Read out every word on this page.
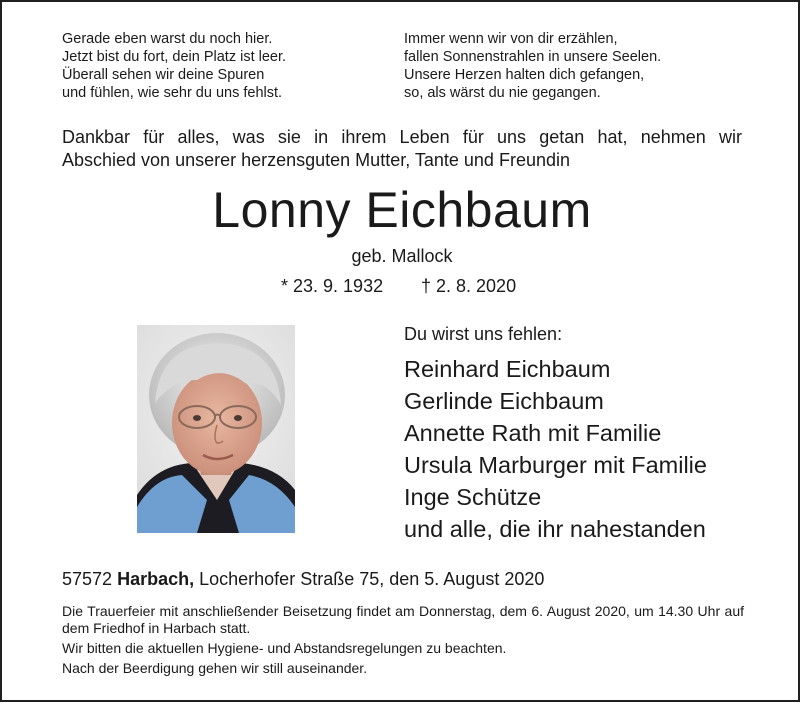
Gerade eben warst du noch hier.
Jetzt bist du fort, dein Platz ist leer.
Überall sehen wir deine Spuren
und fühlen, wie sehr du uns fehlst.
Immer wenn wir von dir erzählen,
fallen Sonnenstrahlen in unsere Seelen.
Unsere Herzen halten dich gefangen,
so, als wärst du nie gegangen.
Dankbar für alles, was sie in ihrem Leben für uns getan hat, nehmen wir
Abschied von unserer herzensguten Mutter, Tante und Freundin
Lonny Eichbaum
geb. Mallock
* 23. 9. 1932 † 2. 8. 2020
Du wirst uns fehlen:
Reinhard Eichbaum
Gerlinde Eichbaum
Annette Rath mit Familie
Ursula Marburger mit Familie
Inge Schütze
und alle, die ihr nahestanden
57572 Harbach, Locherhofer Straße 75, den 5. August 2020

Die Trauerfeier mit anschließender Beisetzung findet am Donnerstag, dem 6. August 2020, um 14.30 Uhr auf dem Friedhof in Harbach statt.

Wir bitten die aktuellen Hygiene- und Abstandsregelungen zu beachten.

Nach der Beerdigung gehen wir still auseinander.
